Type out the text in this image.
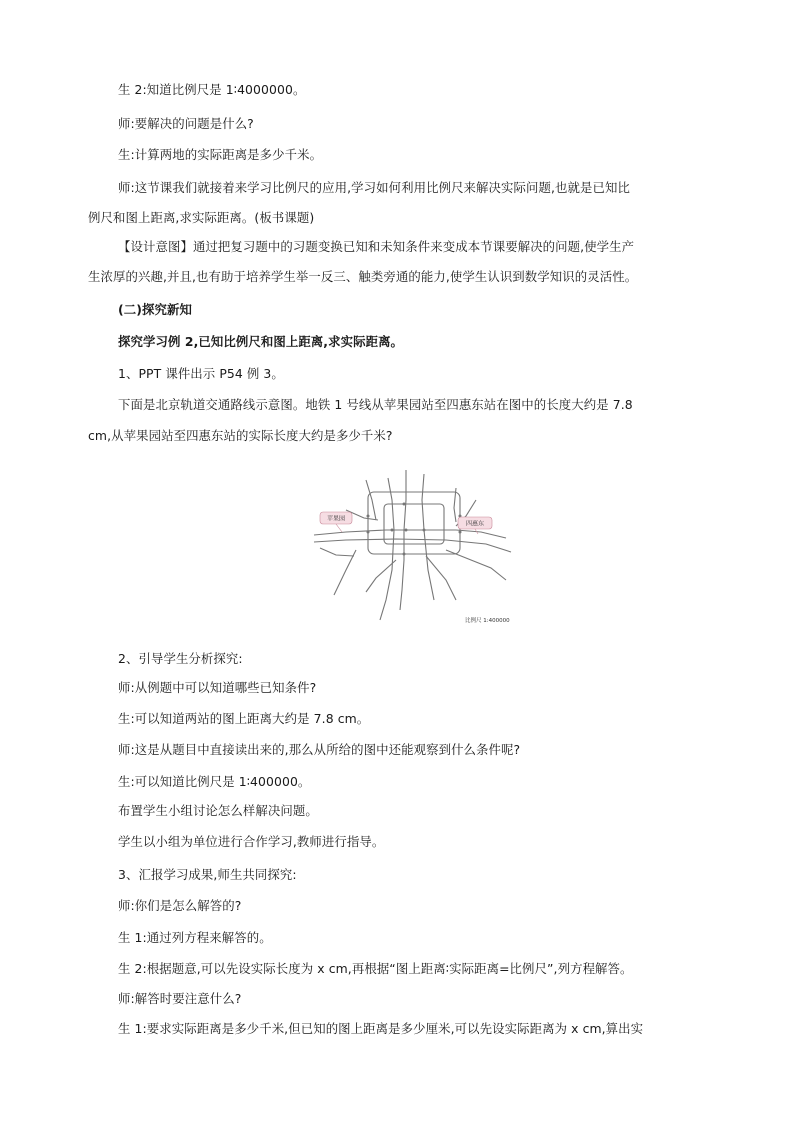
生 2:知道比例尺是 1∶4000000。
师:要解决的问题是什么?
生:计算两地的实际距离是多少千米。
师:这节课我们就接着来学习比例尺的应用,学习如何利用比例尺来解决实际问题,也就是已知比
例尺和图上距离,求实际距离。(板书课题)
【设计意图】通过把复习题中的习题变换已知和未知条件来变成本节课要解决的问题,使学生产
生浓厚的兴趣,并且,也有助于培养学生举一反三、触类旁通的能力,使学生认识到数学知识的灵活性。
(二)探究新知
探究学习例 2,已知比例尺和图上距离,求实际距离。
1、PPT 课件出示 P54 例 3。
下面是北京轨道交通路线示意图。地铁 1 号线从苹果园站至四惠东站在图中的长度大约是 7.8
cm,从苹果园站至四惠东站的实际长度大约是多少千米?
苹果园
四惠东
比例尺 1:400000
2、引导学生分析探究:
师:从例题中可以知道哪些已知条件?
生:可以知道两站的图上距离大约是 7.8 cm。
师:这是从题目中直接读出来的,那么从所给的图中还能观察到什么条件呢?
生:可以知道比例尺是 1∶400000。
布置学生小组讨论怎么样解决问题。
学生以小组为单位进行合作学习,教师进行指导。
3、汇报学习成果,师生共同探究:
师:你们是怎么解答的?
生 1:通过列方程来解答的。
生 2:根据题意,可以先设实际长度为 x cm,再根据“图上距离∶实际距离=比例尺”,列方程解答。
师:解答时要注意什么?
生 1:要求实际距离是多少千米,但已知的图上距离是多少厘米,可以先设实际距离为 x cm,算出实
